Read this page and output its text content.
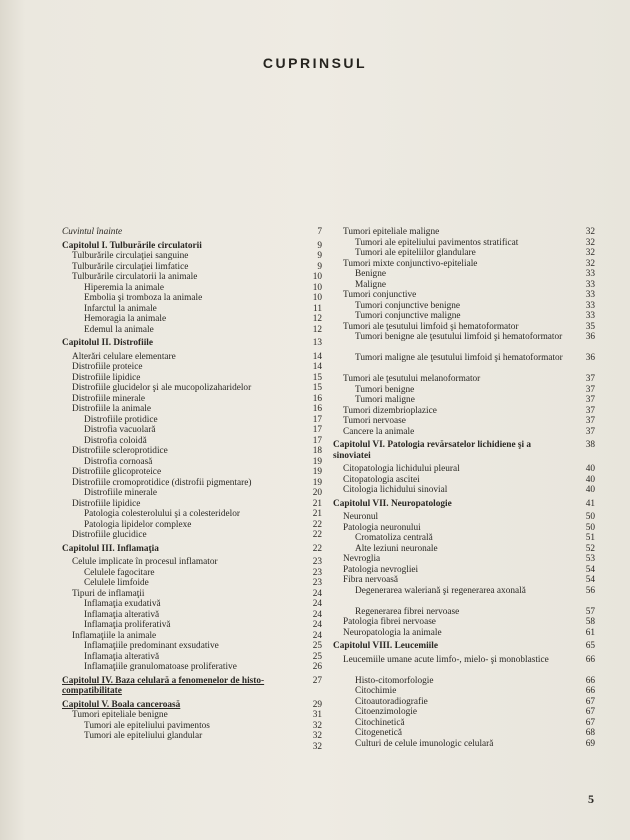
CUPRINSUL
Cuvintul înainte	7
Capitolul I. Tulburările circulatorii	9
Tulburările circulaţiei sanguine	9
Tulburările circulaţiei limfatice	9
Tulburările circulatorii la animale	10
Hiperemia la animale	10
Embolia şi tromboza la animale	10
Infarctul la animale	11
Hemoragia la animale	12
Edemul la animale	12
Capitolul II. Distrofiile	13
Alterări celulare elementare	14
Distrofiile proteice	14
Distrofiile lipidice	15
Distrofiile glucidelor şi ale mucopolizaharidelor	15
Distrofiile minerale	16
Distrofiile la animale	16
Distrofiile protidice	17
Distrofia vacuolară	17
Distrofia coloidă	17
Distrofiile scleroprotidice	18
Distrofia cornoasă	19
Distrofiile glicoproteice	19
Distrofiile cromoprotidice (distrofii pigmentare)	19
Distrofiile minerale	20
Distrofiile lipidice	21
Patologia colesterolului şi a colesteridelor	21
Patologia lipidelor complexe	22
Distrofiile glucidice	22
Capitolul III. Inflamaţia	22
Celule implicate în procesul inflamator	23
Celulele fagocitare	23
Celulele limfoide	23
Tipuri de inflamaţii	24
Inflamaţia exudativă	24
Inflamaţia alterativă	24
Inflamaţia proliferativă	24
Inflamaţiile la animale	24
Inflamaţiile predominant exsudative	25
Inflamaţia alterativă	25
Inflamaţiile granulomatoase proliferative	26
Capitolul IV. Baza celulară a fenomenelor de histo-compatibilitate
27
Capitolul V. Boala canceroasă	29
Tumori epiteliale benigne	31
Tumori ale epiteliului pavimentos	32
Tumori ale epiteliului glandular	32
32
Tumori epiteliale maligne	32
Tumori ale epiteliului pavimentos stratificat	32
Tumori ale epiteliilor glandulare	32
Tumori mixte conjunctivo-epiteliale	32
Benigne	33
Maligne	33
Tumori conjunctive	33
Tumori conjunctive benigne	33
Tumori conjunctive maligne	33
Tumori ale ţesutului limfoid şi hematoformator	35
Tumori benigne ale ţesutului limfoid şi hematoformator	36
Tumori maligne ale ţesutului limfoid şi hematoformator 36
Tumori ale ţesutului melanoformator	37
Tumori benigne	37
Tumori maligne	37
Tumori dizembrioplazice	37
Tumori nervoase	37
Cancere la animale	37
Capitolul VI. Patologia revărsatelor lichidiene şi a sinoviatei
38
Citopatologia lichidului pleural	40
Citopatologia ascitei	40
Citologia lichidului sinovial	40
Capitolul VII. Neuropatologie	41
Neuronul	50
Patologia neuronului	50
Cromatoliza centrală	51
Alte leziuni neuronale	52
Nevroglia	53
Patologia nevrogliei	54
Fibra nervoasă	54
Degenerarea waleriană şi regenerarea axonală	56
Regenerarea fibrei nervoase	57
Patologia fibrei nervoase	58
Neuropatologia la animale	61
Capitolul VIII. Leucemiile	65
Leucemiile umane acute limfo-, mielo- şi monoblastice	66
Histo-citomorfologie	66
Citochimie	66
Citoautoradiografie	67
Citoenzimologie	67
Citochinetică	67
Citogenetică	68
Culturi de celule imunologic celulară	69
5
